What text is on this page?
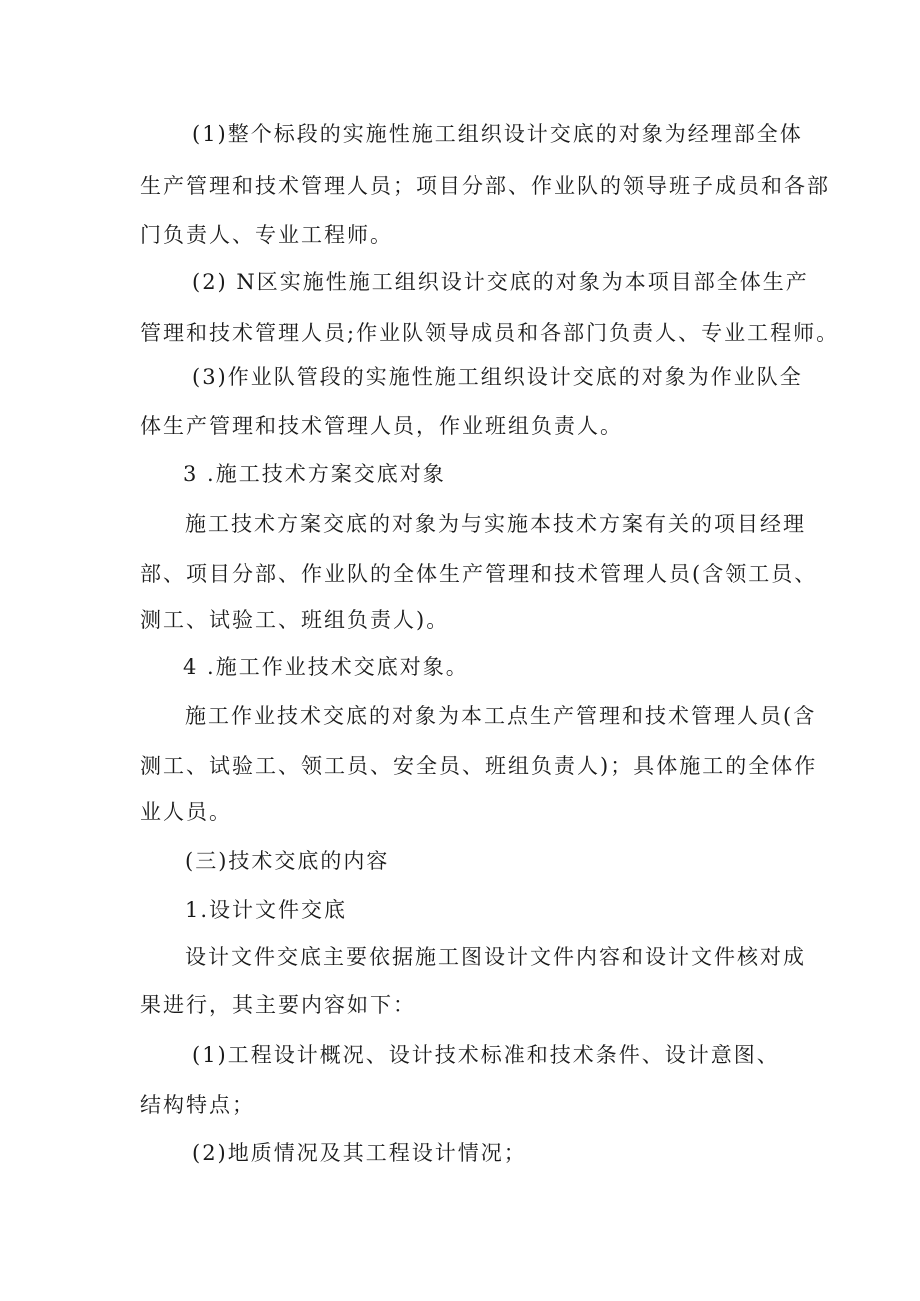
(1)整个标段的实施性施工组织设计交底的对象为经理部全体
生产管理和技术管理人员；项目分部、作业队的领导班子成员和各部
门负责人、专业工程师。
(2) N区实施性施工组织设计交底的对象为本项目部全体生产
管理和技术管理人员;作业队领导成员和各部门负责人、专业工程师。
(3)作业队管段的实施性施工组织设计交底的对象为作业队全
体生产管理和技术管理人员，作业班组负责人。
3 .施工技术方案交底对象
施工技术方案交底的对象为与实施本技术方案有关的项目经理
部、项目分部、作业队的全体生产管理和技术管理人员(含领工员、
测工、试验工、班组负责人)。
4 .施工作业技术交底对象。
施工作业技术交底的对象为本工点生产管理和技术管理人员(含
测工、试验工、领工员、安全员、班组负责人)；具体施工的全体作
业人员。
(三)技术交底的内容
1.设计文件交底
设计文件交底主要依据施工图设计文件内容和设计文件核对成
果进行，其主要内容如下：
(1)工程设计概况、设计技术标准和技术条件、设计意图、
结构特点；
(2)地质情况及其工程设计情况；
